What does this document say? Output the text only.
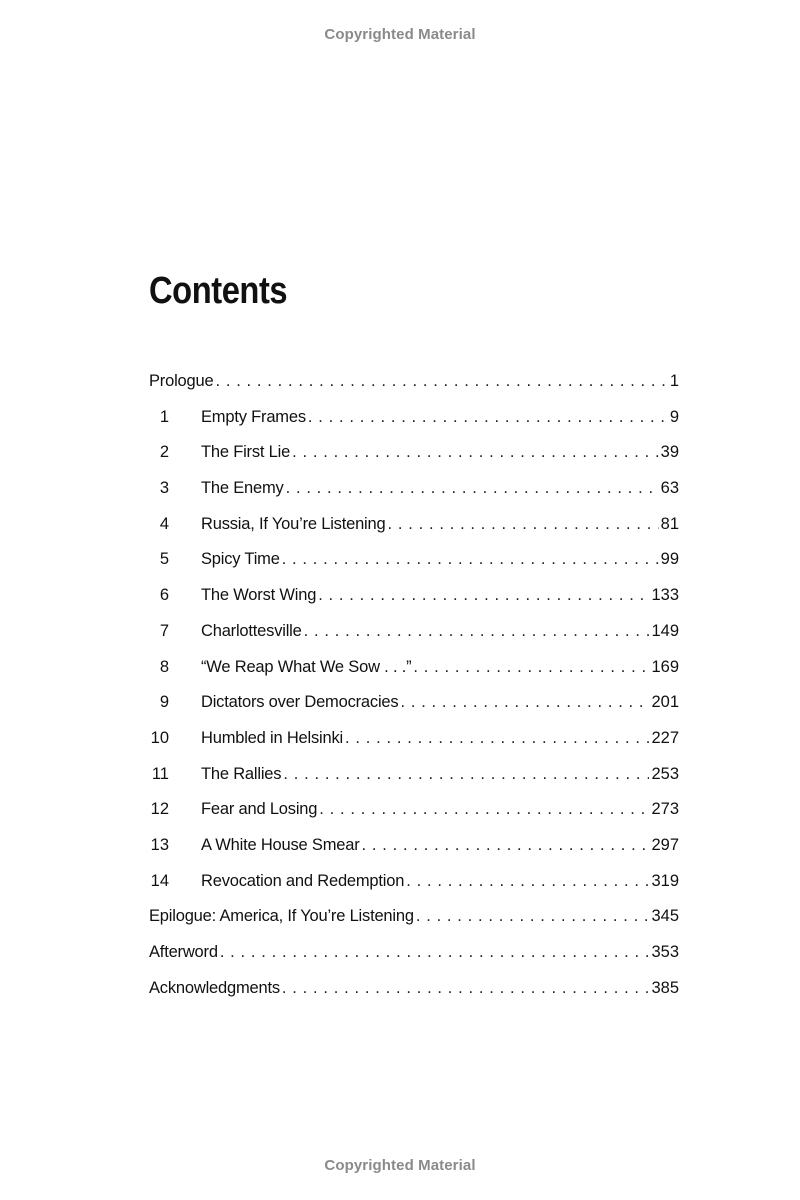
Copyrighted Material
Contents
Prologue . . .	1
1 Empty Frames . . .	9
2 The First Lie . . .	39
3 The Enemy . . .	63
4 Russia, If You’re Listening . . .	81
5 Spicy Time . . .	99
6 The Worst Wing . . .	133
7 Charlottesville . . .	149
8 “We Reap What We Sow . . .” . . .	169
9 Dictators over Democracies . . .	201
10 Humbled in Helsinki . . .	227
11 The Rallies . . .	253
12 Fear and Losing . . .	273
13 A White House Smear . . .	297
14 Revocation and Redemption . . .	319
Epilogue: America, If You’re Listening . . .	345
Afterword . . .	353
Acknowledgments . . .	385
Copyrighted Material
